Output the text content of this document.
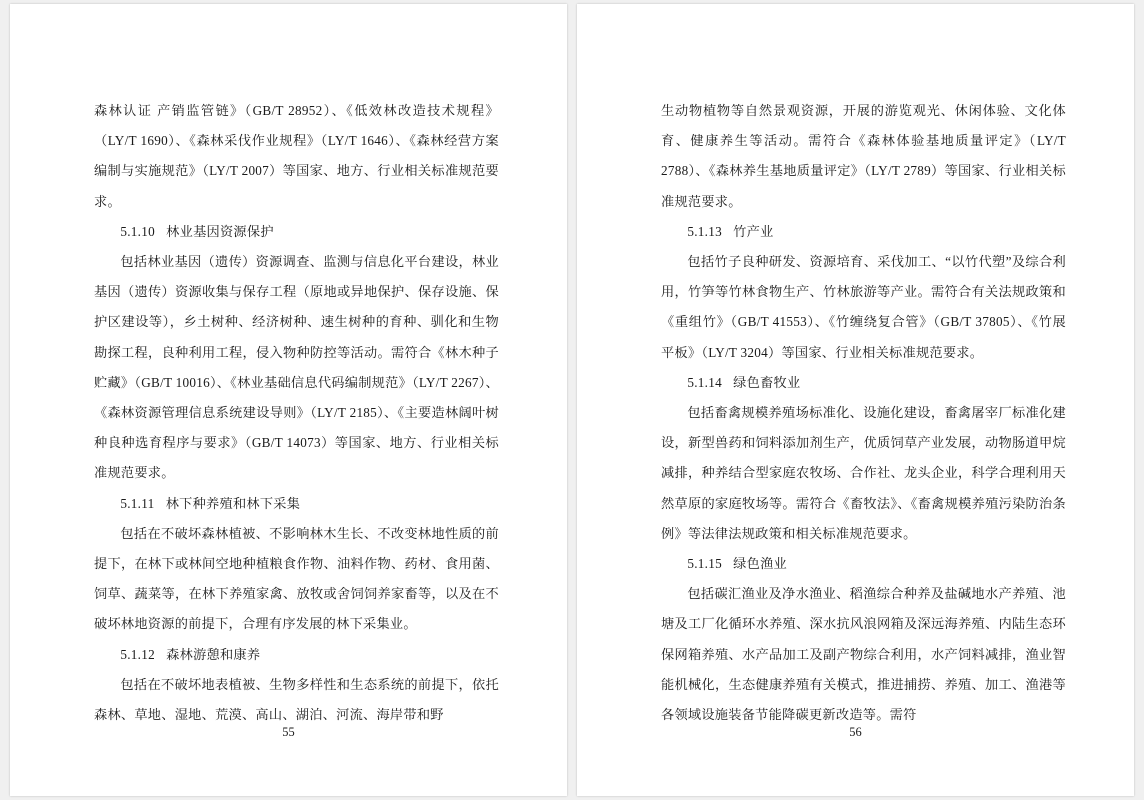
森林认证 产销监管链》（GB/T 28952）、《低效林改造技术规程》（LY/T 1690）、《森林采伐作业规程》（LY/T 1646）、《森林经营方案编制与实施规范》（LY/T 2007）等国家、地方、行业相关标准规范要求。

5.1.10 林业基因资源保护

包括林业基因（遗传）资源调查、监测与信息化平台建设，林业基因（遗传）资源收集与保存工程（原地或异地保护、保存设施、保护区建设等），乡土树种、经济树种、速生树种的育种、驯化和生物勘探工程，良种利用工程，侵入物种防控等活动。需符合《林木种子贮藏》（GB/T 10016）、《林业基础信息代码编制规范》（LY/T 2267）、《森林资源管理信息系统建设导则》（LY/T 2185）、《主要造林阔叶树种良种选育程序与要求》（GB/T 14073）等国家、地方、行业相关标准规范要求。

5.1.11 林下种养殖和林下采集

包括在不破坏森林植被、不影响林木生长、不改变林地性质的前提下，在林下或林间空地种植粮食作物、油料作物、药材、食用菌、饲草、蔬菜等，在林下养殖家禽、放牧或舍饲饲养家畜等，以及在不破坏林地资源的前提下，合理有序发展的林下采集业。

5.1.12 森林游憩和康养

包括在不破坏地表植被、生物多样性和生态系统的前提下，依托森林、草地、湿地、荒漠、高山、湖泊、河流、海岸带和野

55

生动物植物等自然景观资源，开展的游览观光、休闲体验、文化体育、健康养生等活动。需符合《森林体验基地质量评定》（LY/T 2788）、《森林养生基地质量评定》（LY/T 2789）等国家、行业相关标准规范要求。

5.1.13 竹产业

包括竹子良种研发、资源培育、采伐加工、“以竹代塑”及综合利用，竹笋等竹林食物生产、竹林旅游等产业。需符合有关法规政策和《重组竹》（GB/T 41553）、《竹缠绕复合管》（GB/T 37805）、《竹展平板》（LY/T 3204）等国家、行业相关标准规范要求。

5.1.14 绿色畜牧业

包括畜禽规模养殖场标准化、设施化建设，畜禽屠宰厂标准化建设，新型兽药和饲料添加剂生产，优质饲草产业发展，动物肠道甲烷减排，种养结合型家庭农牧场、合作社、龙头企业，科学合理利用天然草原的家庭牧场等。需符合《畜牧法》、《畜禽规模养殖污染防治条例》等法律法规政策和相关标准规范要求。

5.1.15 绿色渔业

包括碳汇渔业及净水渔业、稻渔综合种养及盐碱地水产养殖、池塘及工厂化循环水养殖、深水抗风浪网箱及深远海养殖、内陆生态环保网箱养殖、水产品加工及副产物综合利用，水产饲料减排，渔业智能机械化，生态健康养殖有关模式，推进捕捞、养殖、加工、渔港等各领域设施装备节能降碳更新改造等。需符

56
